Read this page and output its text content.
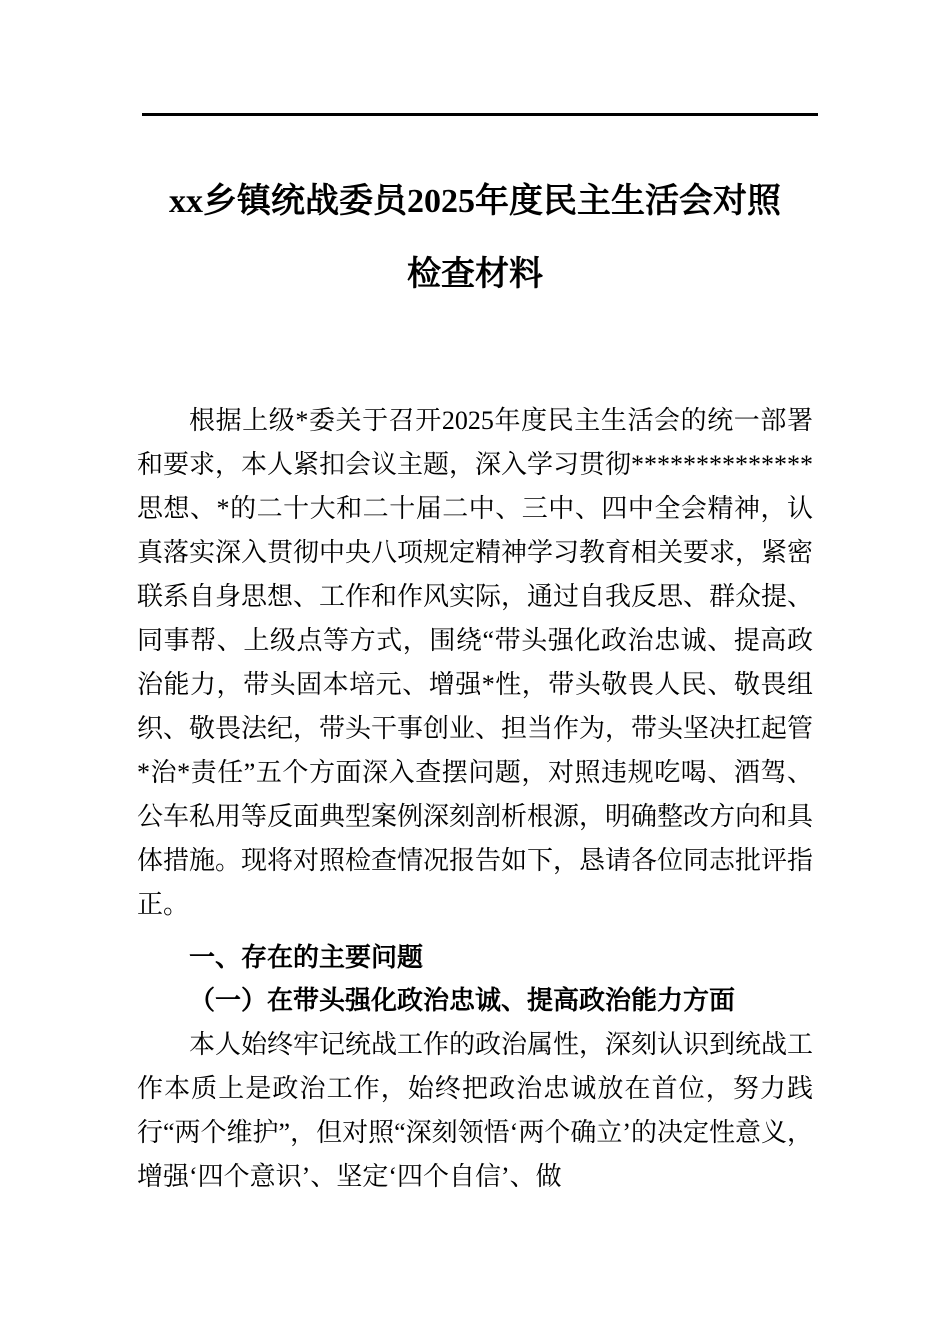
xx乡镇统战委员2025年度民主生活会对照
检查材料

根据上级*委关于召开2025年度民主生活会的统一部署和要求，本人紧扣会议主题，深入学习贯彻**************思想、*的二十大和二十届二中、三中、四中全会精神，认真落实深入贯彻中央八项规定精神学习教育相关要求，紧密联系自身思想、工作和作风实际，通过自我反思、群众提、同事帮、上级点等方式，围绕“带头强化政治忠诚、提高政治能力，带头固本培元、增强*性，带头敬畏人民、敬畏组织、敬畏法纪，带头干事创业、担当作为，带头坚决扛起管*治*责任”五个方面深入查摆问题，对照违规吃喝、酒驾、公车私用等反面典型案例深刻剖析根源，明确整改方向和具体措施。现将对照检查情况报告如下，恳请各位同志批评指正。

一、存在的主要问题
（一）在带头强化政治忠诚、提高政治能力方面

本人始终牢记统战工作的政治属性，深刻认识到统战工作本质上是政治工作，始终把政治忠诚放在首位，努力践行“两个维护”，但对照“深刻领悟‘两个确立’的决定性意义，增强‘四个意识’、坚定‘四个自信’、做
